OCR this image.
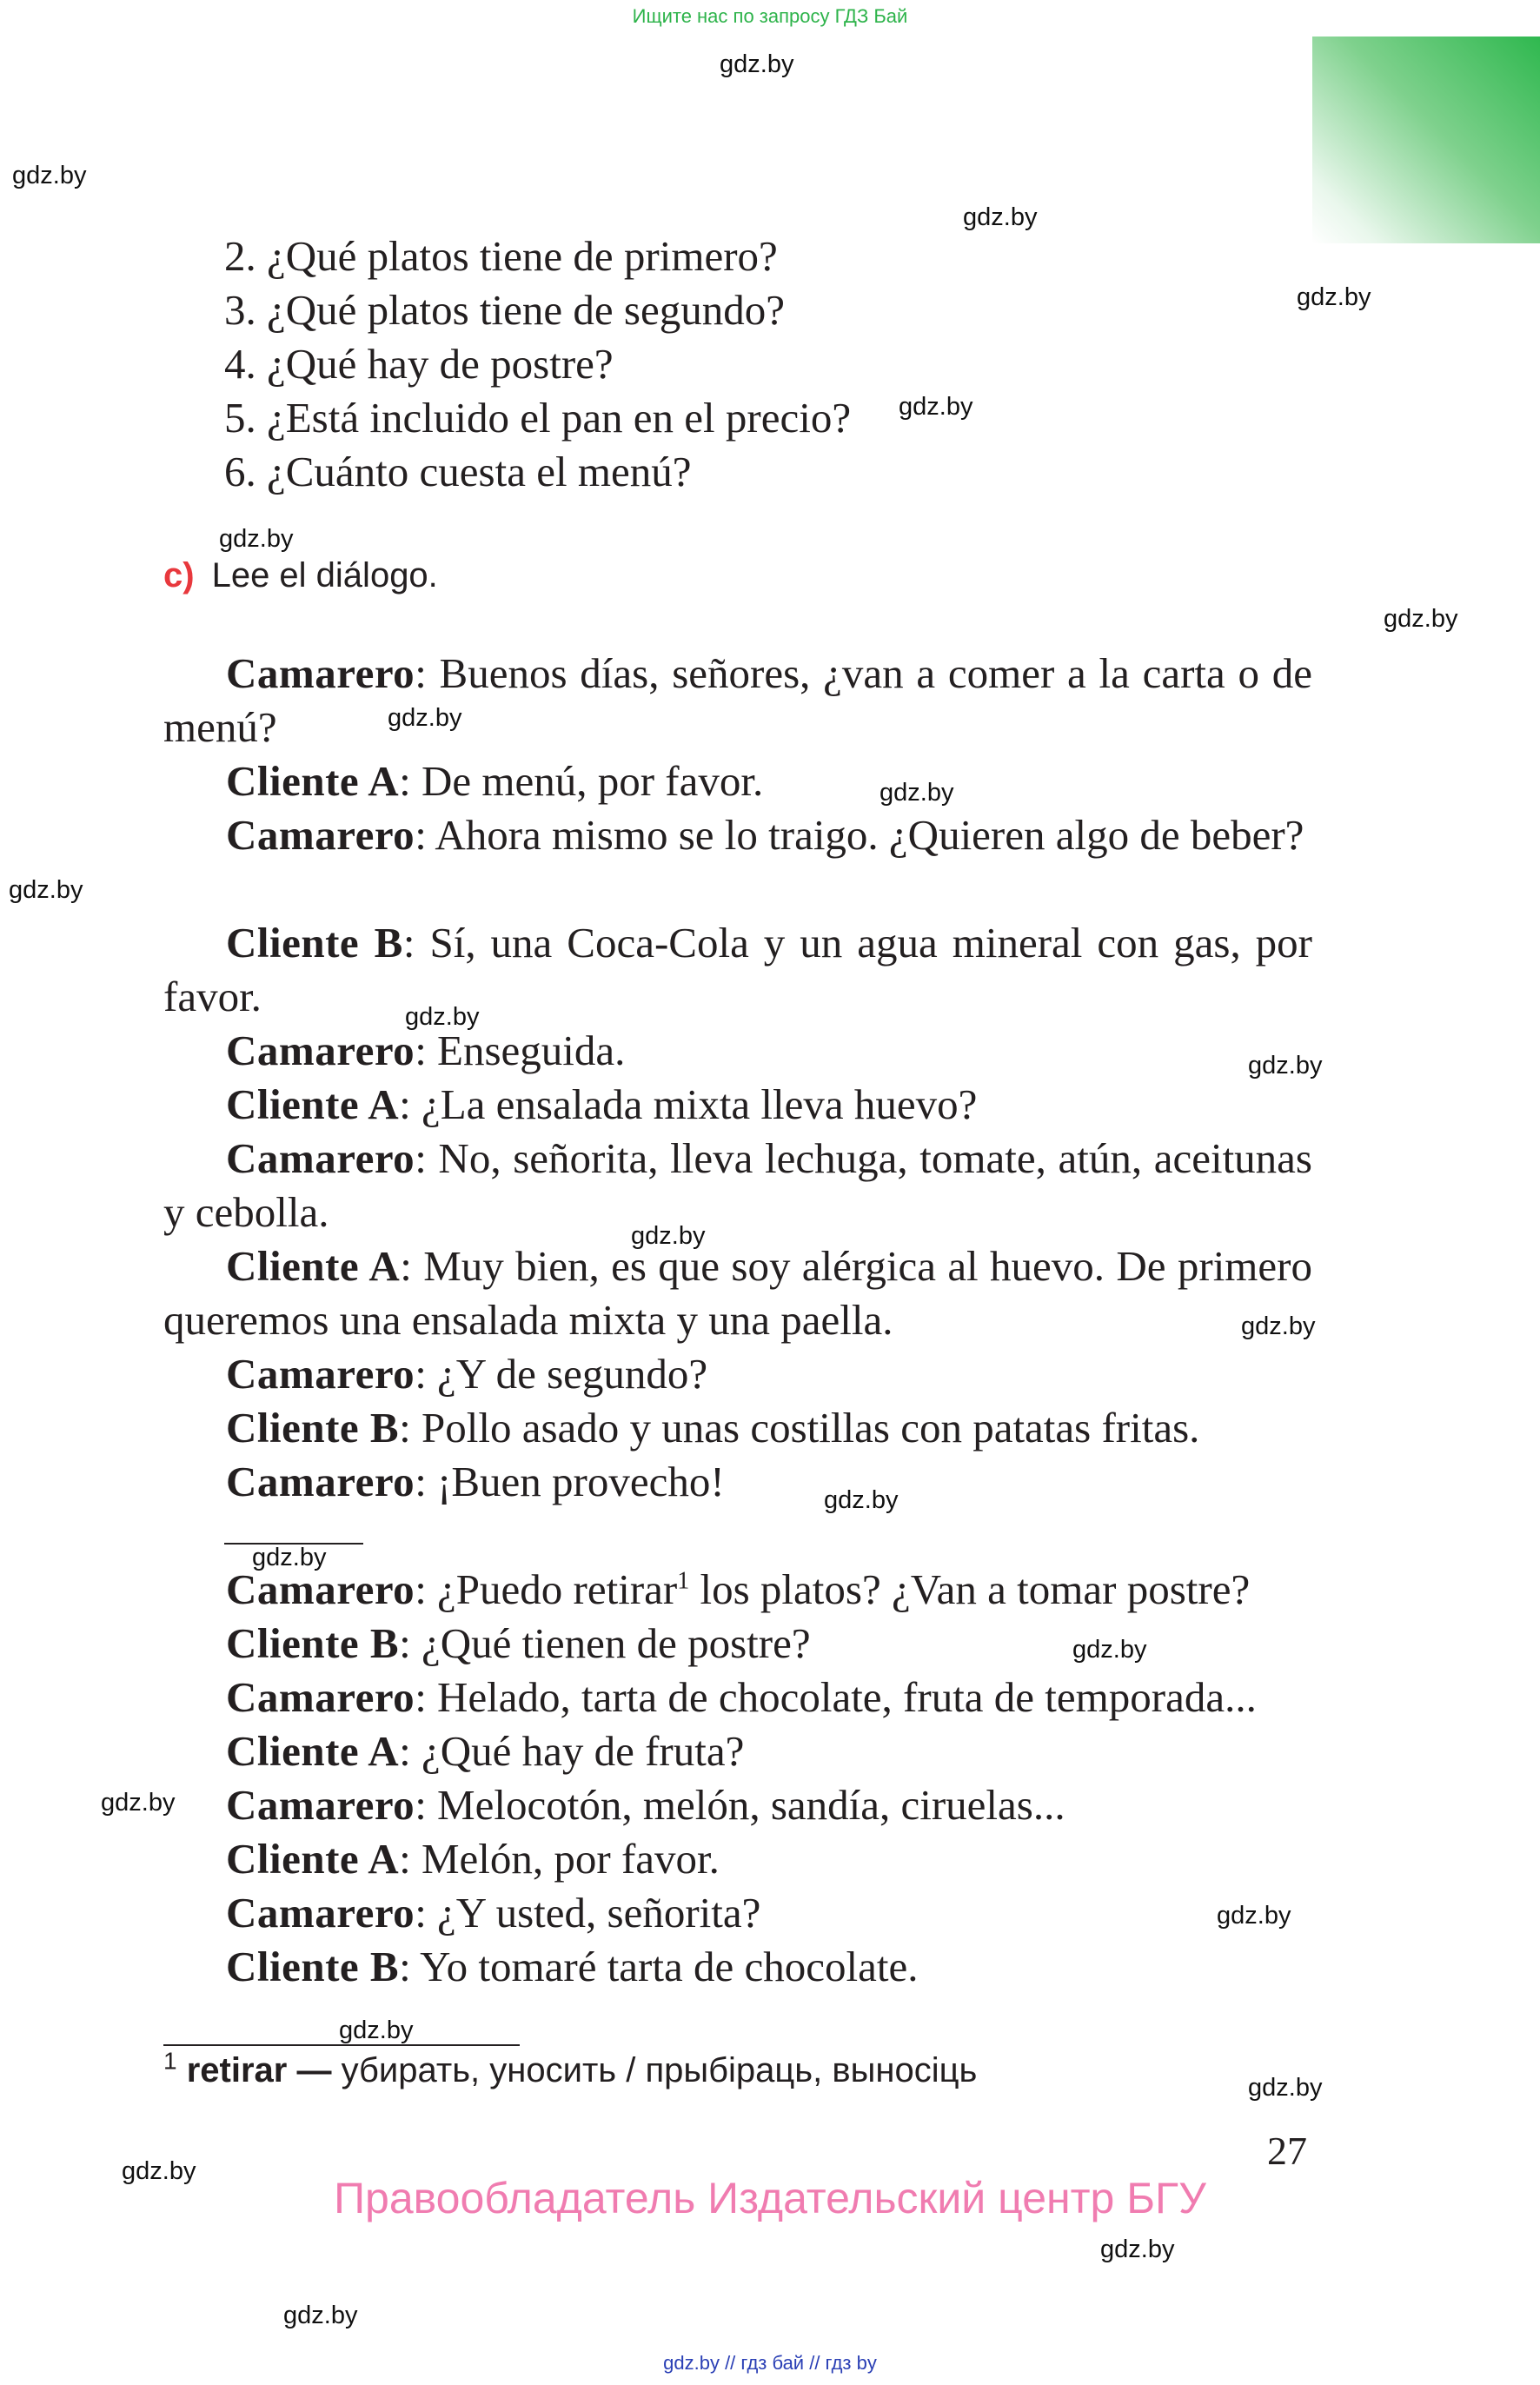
Ищите нас по запросу ГДЗ Бай
gdz.by
gdz.by
gdz.by
gdz.by
gdz.by
gdz.by
gdz.by
gdz.by
gdz.by
gdz.by
gdz.by
gdz.by
gdz.by
gdz.by
gdz.by
gdz.by
gdz.by
gdz.by
gdz.by
gdz.by
gdz.by
gdz.by
gdz.by
gdz.by
2. ¿Qué platos tiene de primero?
3. ¿Qué platos tiene de segundo?
4. ¿Qué hay de postre?
5. ¿Está incluido el pan en el precio?
6. ¿Cuánto cuesta el menú?
c) Lee el diálogo.
Camarero: Buenos días, señores, ¿van a comer a la carta o de menú?
Cliente A: De menú, por favor.
Camarero: Ahora mismo se lo traigo. ¿Quieren algo de beber?
Cliente B: Sí, una Coca-Cola y un agua mineral con gas, por favor.
Camarero: Enseguida.
Cliente A: ¿La ensalada mixta lleva huevo?
Camarero: No, señorita, lleva lechuga, tomate, atún, aceitunas y cebolla.
Cliente A: Muy bien, es que soy alérgica al huevo. De primero queremos una ensalada mixta y una paella.
Camarero: ¿Y de segundo?
Cliente B: Pollo asado y unas costillas con patatas fritas.
Camarero: ¡Buen provecho!
Camarero: ¿Puedo retirar$^1$ los platos? ¿Van a tomar postre?
Cliente B: ¿Qué tienen de postre?
Camarero: Helado, tarta de chocolate, fruta de temporada...
Cliente A: ¿Qué hay de fruta?
Camarero: Melocotón, melón, sandía, ciruelas...
Cliente A: Melón, por favor.
Camarero: ¿Y usted, señorita?
Cliente B: Yo tomaré tarta de chocolate.
$^1$ retirar — убирать, уносить / прыбіраць, выносіць
27
Правообладатель Издательский центр БГУ
gdz.by // гдз бай // гдз by
